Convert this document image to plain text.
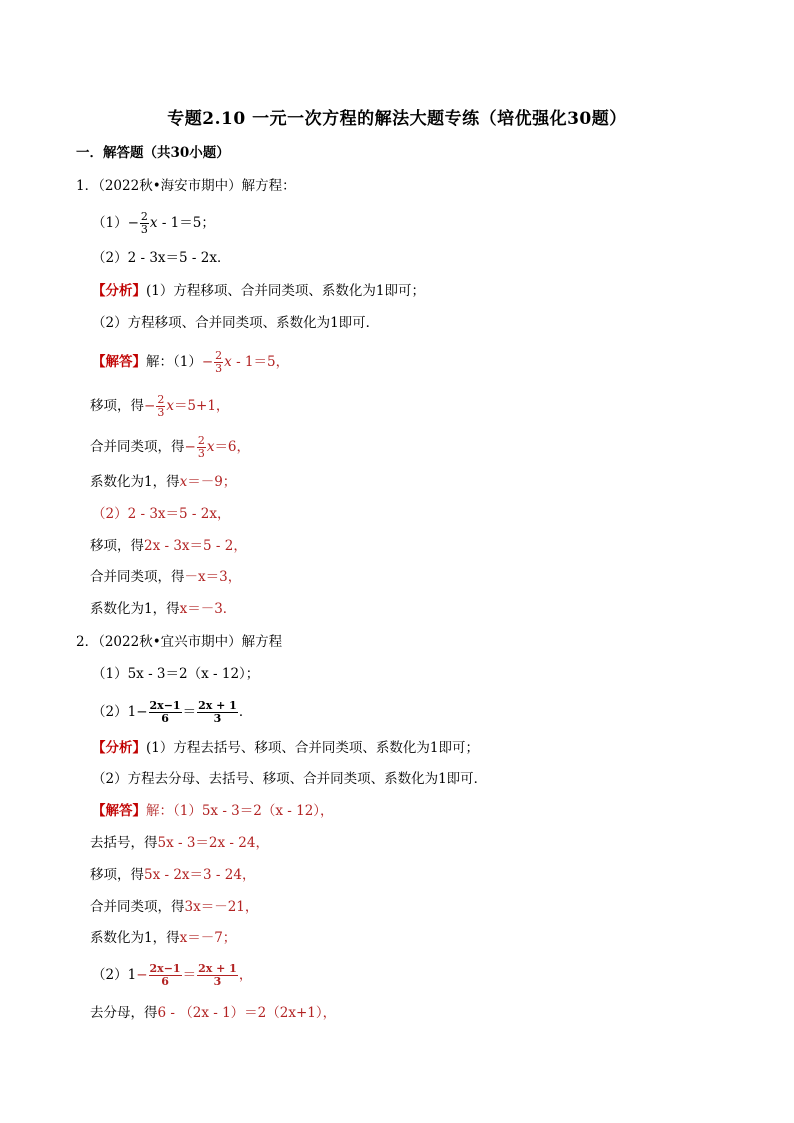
专题2.10 一元一次方程的解法大题专练（培优强化30题）
一．解答题（共30小题）
1．（2022秋•海安市期中）解方程：
$(1)- \frac{2}{3}$ x - 1＝5；
（2）2 - 3x＝5 - 2x．
【分析】(1）方程移项、合并同类项、系数化为1即可；
（2）方程移项、合并同类项、系数化为1即可．
【解答】解：$(1)- \frac{2}{3}$ x - 1＝5，
移项，得− $\frac{2}{3} x=5+1$，
合并同类项，得− $\frac{2}{3} x=6$，
系数化为1，得x＝－9；
（2）2 - 3x＝5 - 2x，
移项，得2x - 3x＝5 - 2，
合并同类项，得－x＝3，
系数化为1，得x＝－3．
2．（2022秋•宜兴市期中）解方程
（1）5x - 3＝2（x - 12）；
$(2)1- \frac{2x-1}{6} = \frac{2x + 1}{3}$ ．
【分析】(1）方程去括号、移项、合并同类项、系数化为1即可；
（2）方程去分母、去括号、移项、合并同类项、系数化为1即可．
【解答】解：（1）5x - 3＝2（x - 12），
去括号，得5x - 3＝2x - 24，
移项，得5x - 2x＝3 - 24，
合并同类项，得3x＝－21，
系数化为1，得x＝－7；
$(2)1- \frac{2x-1}{6} = \frac{2x + 1}{3}$ ，
去分母，得6 - （2x - 1）＝2（2x+1），
